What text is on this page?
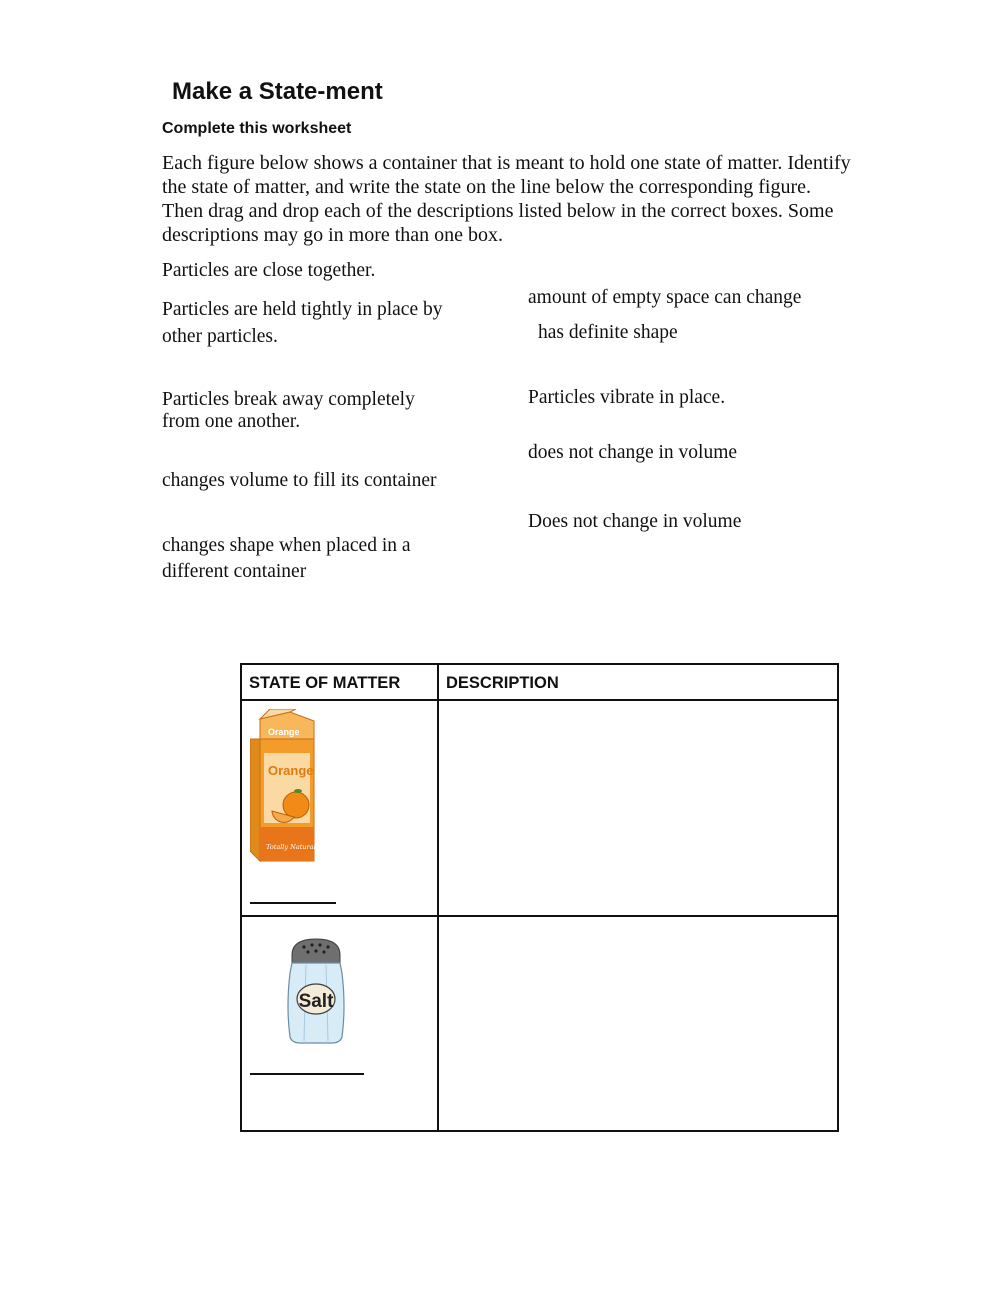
Make a State-ment
Complete this worksheet
Each figure below shows a container that is meant to hold one state of matter. Identify the state of matter, and write the state on the line below the corresponding figure. Then drag and drop each of the descriptions listed below in the correct boxes. Some descriptions may go in more than one box.
Particles are close together.
Particles are held tightly in place by other particles.
amount of empty space can change
has definite shape
Particles break away completely from one another.
Particles vibrate in place.
does not change in volume
changes volume to fill its container
Does not change in volume
changes shape when placed in a different container
STATE OF MATTER	DESCRIPTION

Orange
Orange
Totally Natural	

Salt	
